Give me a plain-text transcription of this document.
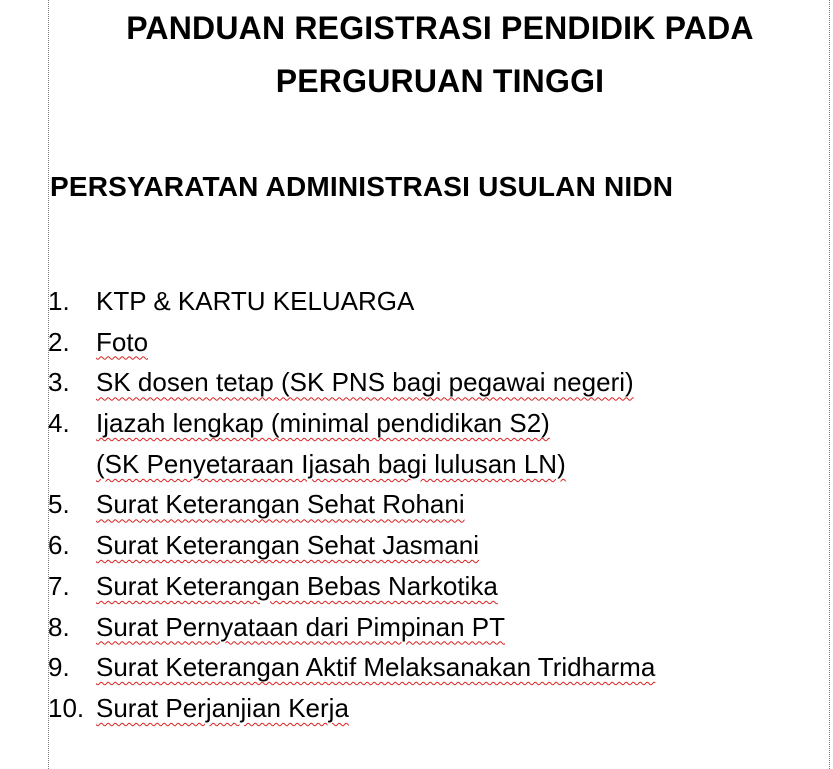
PANDUAN REGISTRASI PENDIDIK PADA
PERGURUAN TINGGI
PERSYARATAN ADMINISTRASI USULAN NIDN
1. KTP & KARTU KELUARGA
2. Foto
3. SK dosen tetap (SK PNS bagi pegawai negeri)
4. Ijazah lengkap (minimal pendidikan S2)
(SK Penyetaraan Ijasah bagi lulusan LN)
5. Surat Keterangan Sehat Rohani
6. Surat Keterangan Sehat Jasmani
7. Surat Keterangan Bebas Narkotika
8. Surat Pernyataan dari Pimpinan PT
9. Surat Keterangan Aktif Melaksanakan Tridharma
10. Surat Perjanjian Kerja
